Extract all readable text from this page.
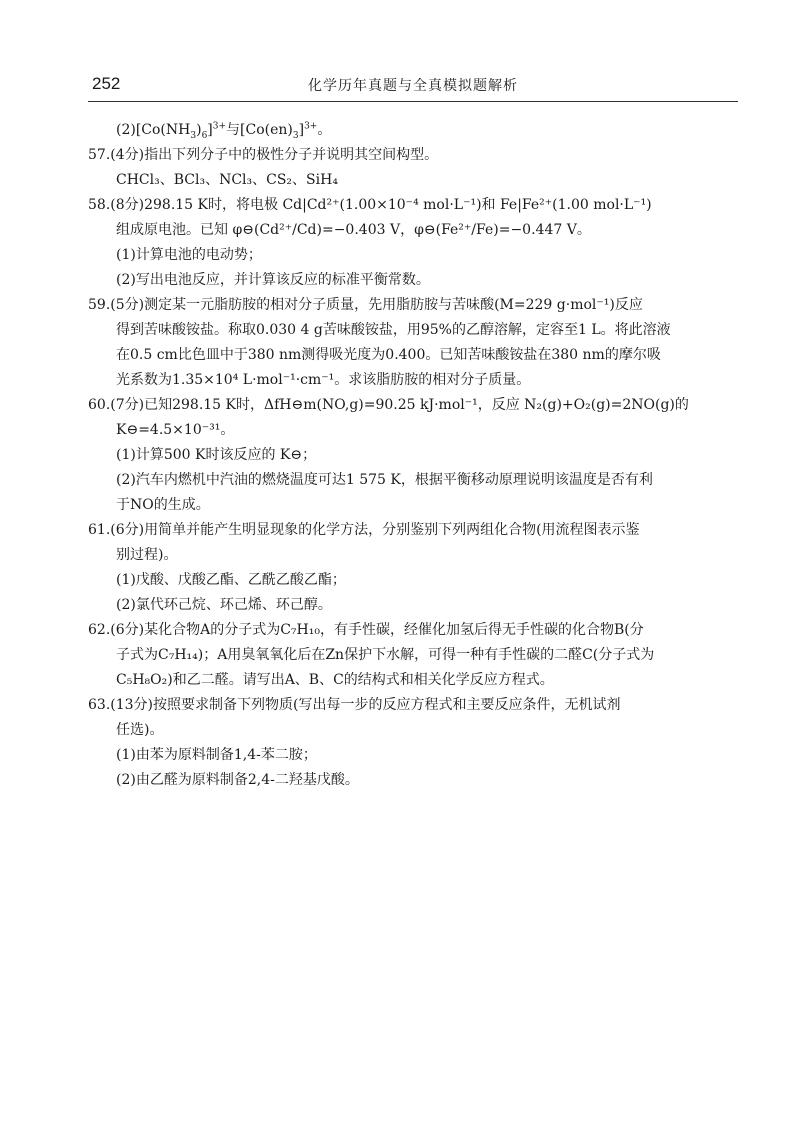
252	化学历年真题与全真模拟题解析
$(2)[Co(NH_3)_6]^{3+}$与$[Co(en)_3]^{3+}$。
57.(4分)指出下列分子中的极性分子并说明其空间构型。
CHCl₃、BCl₃、NCl₃、CS₂、SiH₄
58.(8分)298.15 K时，将电极 Cd|Cd²⁺(1.00×10⁻⁴ mol·L⁻¹)和 Fe|Fe²⁺(1.00 mol·L⁻¹)
组成原电池。已知 φ⊖(Cd²⁺/Cd)=−0.403 V，φ⊖(Fe²⁺/Fe)=−0.447 V。
(1)计算电池的电动势；
(2)写出电池反应，并计算该反应的标准平衡常数。
59.(5分)测定某一元脂肪胺的相对分子质量，先用脂肪胺与苦味酸(M=229 g·mol⁻¹)反应
得到苦味酸铵盐。称取0.030 4 g苦味酸铵盐，用95%的乙醇溶解，定容至1 L。将此溶液
在0.5 cm比色皿中于380 nm测得吸光度为0.400。已知苦味酸铵盐在380 nm的摩尔吸
光系数为1.35×10⁴ L·mol⁻¹·cm⁻¹。求该脂肪胺的相对分子质量。
60.(7分)已知298.15 K时，ΔfH⊖m(NO,g)=90.25 kJ·mol⁻¹，反应 N₂(g)+O₂(g)=2NO(g)的
K⊖=4.5×10⁻³¹。
(1)计算500 K时该反应的 K⊖；
(2)汽车内燃机中汽油的燃烧温度可达1 575 K，根据平衡移动原理说明该温度是否有利
于NO的生成。
61.(6分)用简单并能产生明显现象的化学方法，分别鉴别下列两组化合物(用流程图表示鉴
别过程)。
(1)戊酸、戊酸乙酯、乙酰乙酸乙酯；
(2)氯代环己烷、环己烯、环己醇。
62.(6分)某化合物A的分子式为C₇H₁₀，有手性碳，经催化加氢后得无手性碳的化合物B(分
子式为C₇H₁₄)；A用臭氧氧化后在Zn保护下水解，可得一种有手性碳的二醛C(分子式为
C₅H₈O₂)和乙二醛。请写出A、B、C的结构式和相关化学反应方程式。
63.(13分)按照要求制备下列物质(写出每一步的反应方程式和主要反应条件，无机试剂
任选)。
(1)由苯为原料制备1,4-苯二胺；
(2)由乙醛为原料制备2,4-二羟基戊酸。
